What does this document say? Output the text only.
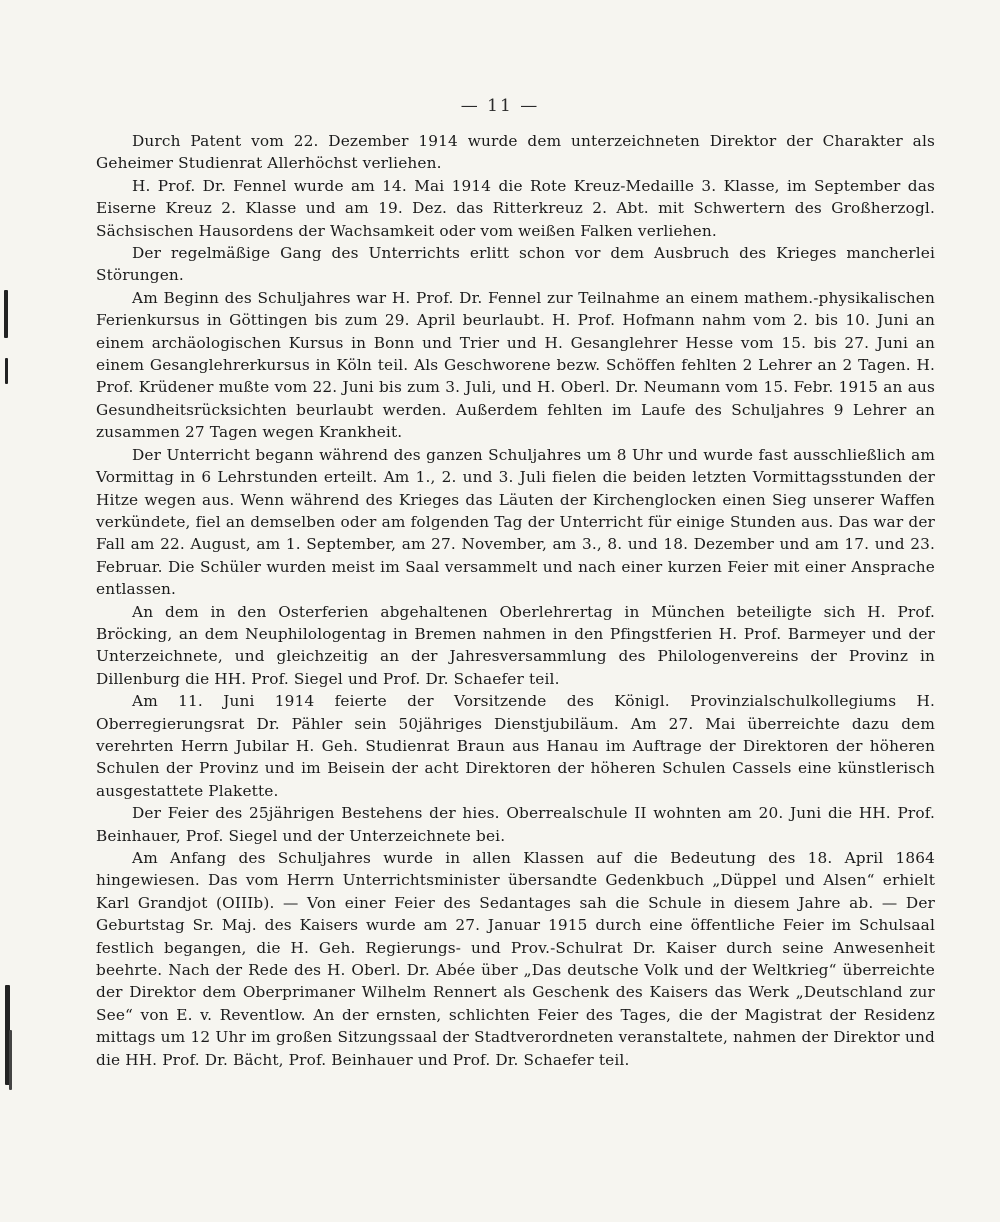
— 11 —

Durch Patent vom 22. Dezember 1914 wurde dem unterzeichneten Direktor der Charakter als Geheimer Studienrat Allerhöchst verliehen.

H. Prof. Dr. Fennel wurde am 14. Mai 1914 die Rote Kreuz-Medaille 3. Klasse, im September das Eiserne Kreuz 2. Klasse und am 19. Dez. das Ritterkreuz 2. Abt. mit Schwertern des Großherzogl. Sächsischen Hausordens der Wachsamkeit oder vom weißen Falken verliehen.

Der regelmäßige Gang des Unterrichts erlitt schon vor dem Ausbruch des Krieges mancherlei Störungen.

Am Beginn des Schuljahres war H. Prof. Dr. Fennel zur Teilnahme an einem mathem.-physikalischen Ferienkursus in Göttingen bis zum 29. April beurlaubt. H. Prof. Hofmann nahm vom 2. bis 10. Juni an einem archäologischen Kursus in Bonn und Trier und H. Gesanglehrer Hesse vom 15. bis 27. Juni an einem Gesanglehrerkursus in Köln teil. Als Geschworene bezw. Schöffen fehlten 2 Lehrer an 2 Tagen. H. Prof. Krüdener mußte vom 22. Juni bis zum 3. Juli, und H. Oberl. Dr. Neumann vom 15. Febr. 1915 an aus Gesundheitsrücksichten beurlaubt werden. Außerdem fehlten im Laufe des Schuljahres 9 Lehrer an zusammen 27 Tagen wegen Krankheit.

Der Unterricht begann während des ganzen Schuljahres um 8 Uhr und wurde fast ausschließlich am Vormittag in 6 Lehrstunden erteilt. Am 1., 2. und 3. Juli fielen die beiden letzten Vormittagsstunden der Hitze wegen aus. Wenn während des Krieges das Läuten der Kirchenglocken einen Sieg unserer Waffen verkündete, fiel an demselben oder am folgenden Tag der Unterricht für einige Stunden aus. Das war der Fall am 22. August, am 1. September, am 27. November, am 3., 8. und 18. Dezember und am 17. und 23. Februar. Die Schüler wurden meist im Saal versammelt und nach einer kurzen Feier mit einer Ansprache entlassen.

An dem in den Osterferien abgehaltenen Oberlehrertag in München beteiligte sich H. Prof. Bröcking, an dem Neuphilologentag in Bremen nahmen in den Pfingstferien H. Prof. Barmeyer und der Unterzeichnete, und gleichzeitig an der Jahresversammlung des Philologenvereins der Provinz in Dillenburg die HH. Prof. Siegel und Prof. Dr. Schaefer teil.

Am 11. Juni 1914 feierte der Vorsitzende des Königl. Provinzialschulkollegiums H. Oberregierungsrat Dr. Pähler sein 50jähriges Dienstjubiläum. Am 27. Mai überreichte dazu dem verehrten Herrn Jubilar H. Geh. Studienrat Braun aus Hanau im Auftrage der Direktoren der höheren Schulen der Provinz und im Beisein der acht Direktoren der höheren Schulen Cassels eine künstlerisch ausgestattete Plakette.

Der Feier des 25jährigen Bestehens der hies. Oberrealschule II wohnten am 20. Juni die HH. Prof. Beinhauer, Prof. Siegel und der Unterzeichnete bei.

Am Anfang des Schuljahres wurde in allen Klassen auf die Bedeutung des 18. April 1864 hingewiesen. Das vom Herrn Unterrichtsminister übersandte Gedenkbuch „Düppel und Alsen“ erhielt Karl Grandjot (OIIIb). — Von einer Feier des Sedantages sah die Schule in diesem Jahre ab. — Der Geburtstag Sr. Maj. des Kaisers wurde am 27. Januar 1915 durch eine öffentliche Feier im Schulsaal festlich begangen, die H. Geh. Regierungs- und Prov.-Schulrat Dr. Kaiser durch seine Anwesenheit beehrte. Nach der Rede des H. Oberl. Dr. Abée über „Das deutsche Volk und der Weltkrieg“ überreichte der Direktor dem Oberprimaner Wilhelm Rennert als Geschenk des Kaisers das Werk „Deutschland zur See“ von E. v. Reventlow. An der ernsten, schlichten Feier des Tages, die der Magistrat der Residenz mittags um 12 Uhr im großen Sitzungssaal der Stadtverordneten veranstaltete, nahmen der Direktor und die HH. Prof. Dr. Bächt, Prof. Beinhauer und Prof. Dr. Schaefer teil.
